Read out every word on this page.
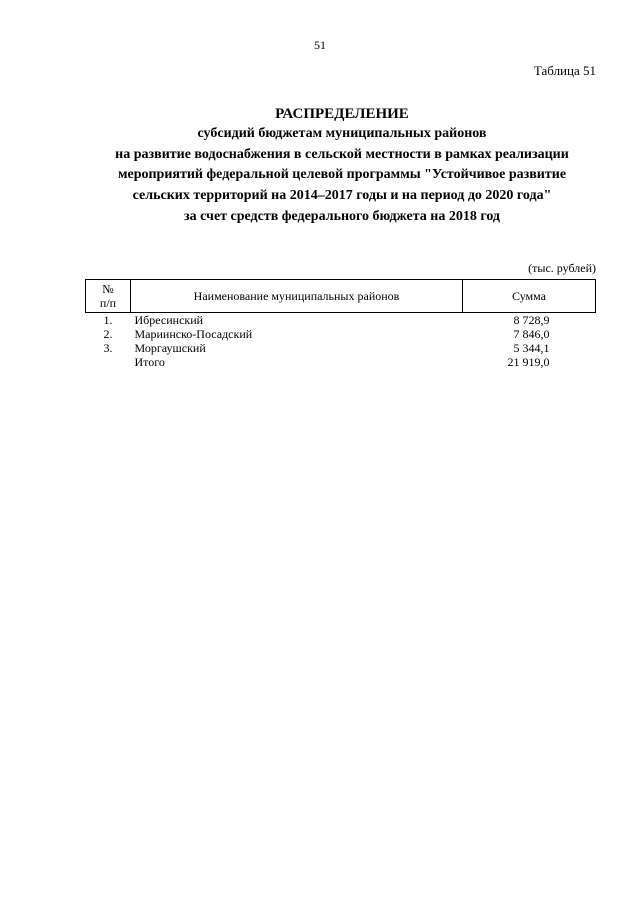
51
Таблица 51
РАСПРЕДЕЛЕНИЕ
субсидий бюджетам муниципальных районов
на развитие водоснабжения в сельской местности в рамках реализации
мероприятий федеральной целевой программы "Устойчивое развитие
сельских территорий на 2014–2017 годы и на период до 2020 года"
за счет средств федерального бюджета на 2018 год
(тыс. рублей)
№
п/п	Наименование муниципальных районов	Сумма
1.	Ибресинский	8 728,9
2.	Мариинско-Посадский	7 846,0
3.	Моргаушский	5 344,1
	Итого	21 919,0
